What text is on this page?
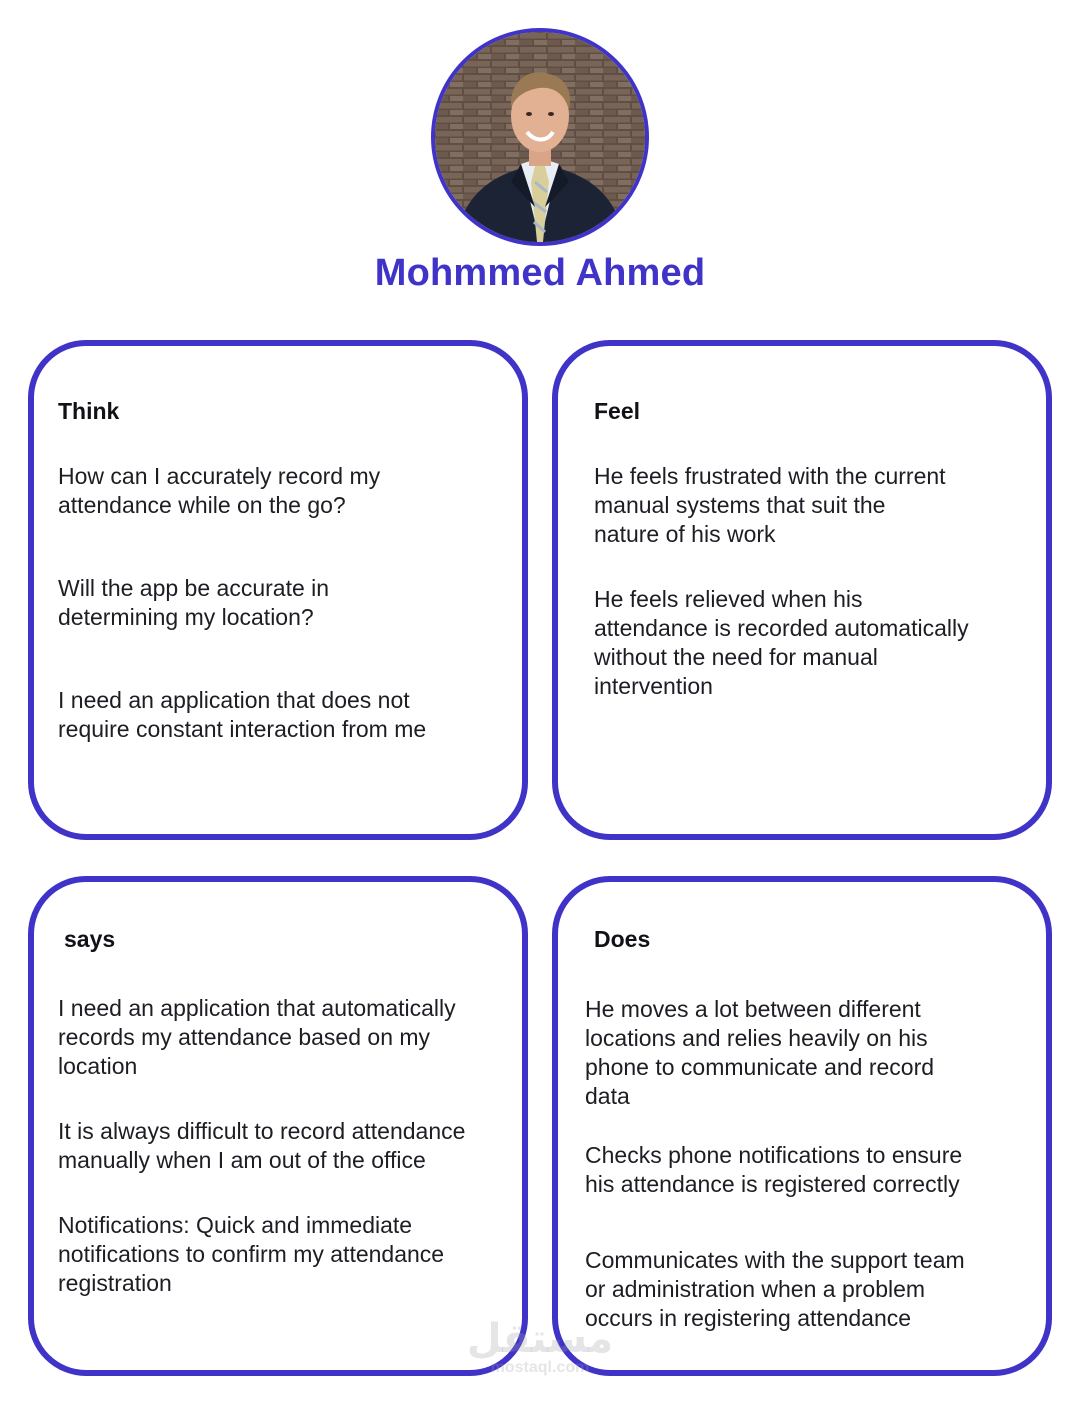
Mohmmed Ahmed
Think
How can I accurately record my
attendance while on the go?
Will the app be accurate in
determining my location?
I need an application that does not
require constant interaction from me
Feel
He feels frustrated with the current
manual systems that suit the
nature of his work
He feels relieved when his
attendance is recorded automatically
without the need for manual
intervention
says
I need an application that automatically
records my attendance based on my
location
It is always difficult to record attendance
manually when I am out of the office
Notifications: Quick and immediate
notifications to confirm my attendance
registration
Does
He moves a lot between different
locations and relies heavily on his
phone to communicate and record
data
Checks phone notifications to ensure
his attendance is registered correctly
Communicates with the support team
or administration when a problem
occurs in registering attendance
مستقل
mostaql.com
